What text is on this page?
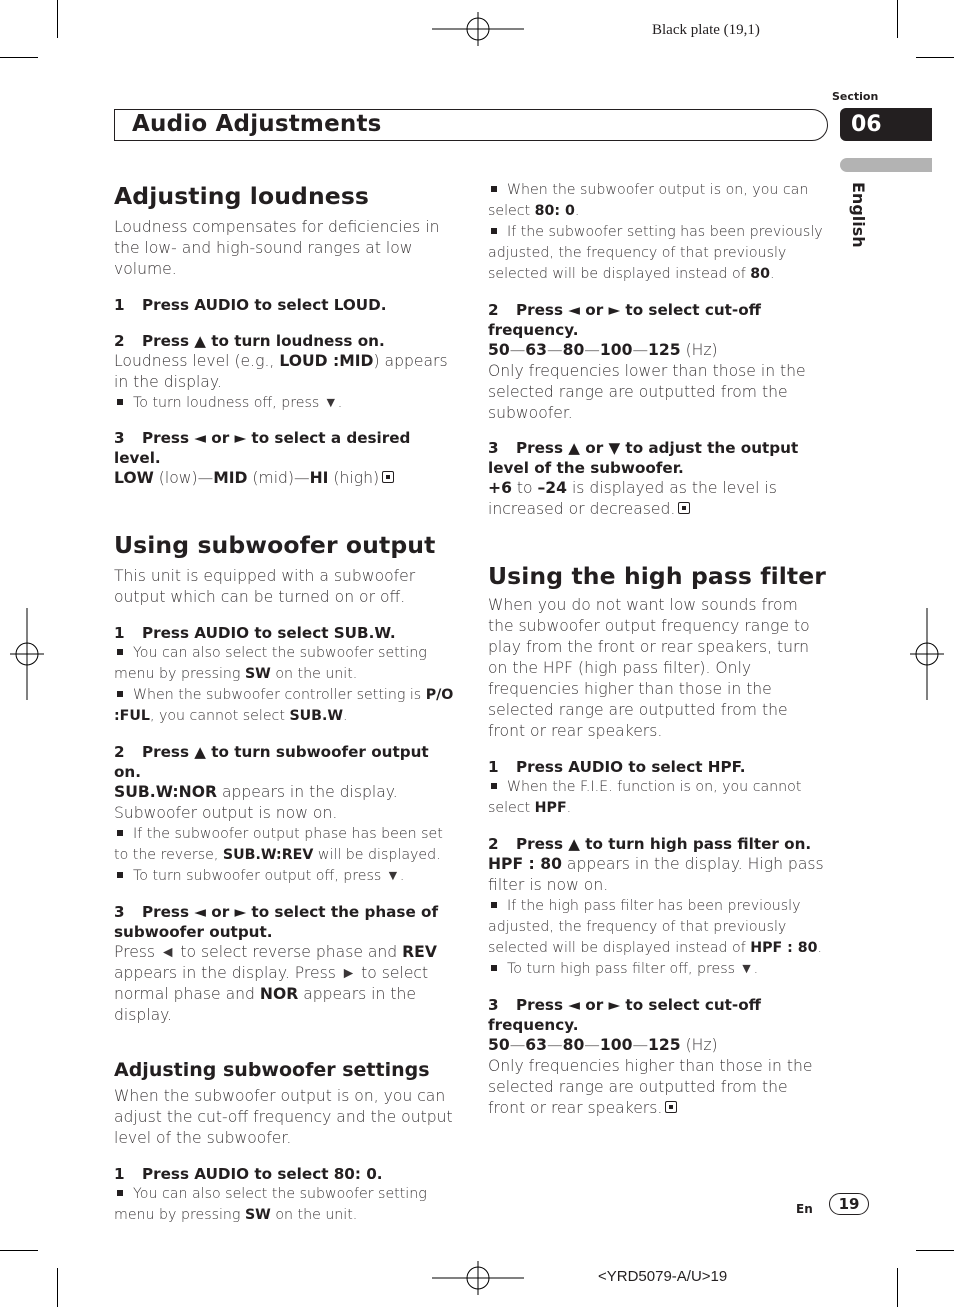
Black plate (19,1)
Audio Adjustments
Section
06
English
Adjusting loudness

Loudness compensates for deficiencies in the low- and high-sound ranges at low volume.

1 Press AUDIO to select LOUD.
2 Press ▲ to turn loudness on.

Loudness level (e.g., LOUD :MID) appears in the display.

To turn loudness off, press ▼.
3 Press ◄ or ► to select a desired level.

LOW (low)—MID (mid)—HI (high)

Using subwoofer output

This unit is equipped with a subwoofer output which can be turned on or off.

1 Press AUDIO to select SUB.W.
You can also select the subwoofer setting menu by pressing SW on the unit.
When the subwoofer controller setting is P/O :FUL, you cannot select SUB.W.
2 Press ▲ to turn subwoofer output on.

SUB.W:NOR appears in the display. Subwoofer output is now on.

If the subwoofer output phase has been set to the reverse, SUB.W:REV will be displayed.
To turn subwoofer output off, press ▼.
3 Press ◄ or ► to select the phase of subwoofer output.

Press ◄ to select reverse phase and REV appears in the display. Press ► to select normal phase and NOR appears in the display.

Adjusting subwoofer settings

When the subwoofer output is on, you can adjust the cut-off frequency and the output level of the subwoofer.

1 Press AUDIO to select 80: 0.
You can also select the subwoofer setting menu by pressing SW on the unit.
When the subwoofer output is on, you can select 80: 0.
If the subwoofer setting has been previously adjusted, the frequency of that previously selected will be displayed instead of 80.
2 Press ◄ or ► to select cut-off frequency.

50—63—80—100—125 (Hz)

Only frequencies lower than those in the selected range are outputted from the subwoofer.

3 Press ▲ or ▼ to adjust the output level of the subwoofer.

+6 to –24 is displayed as the level is increased or decreased.

Using the high pass filter

When you do not want low sounds from the subwoofer output frequency range to play from the front or rear speakers, turn on the HPF (high pass filter). Only frequencies higher than those in the selected range are outputted from the front or rear speakers.

1 Press AUDIO to select HPF.
When the F.I.E. function is on, you cannot select HPF.
2 Press ▲ to turn high pass filter on.

HPF : 80 appears in the display. High pass filter is now on.

If the high pass filter has been previously adjusted, the frequency of that previously selected will be displayed instead of HPF : 80.
To turn high pass filter off, press ▼.
3 Press ◄ or ► to select cut-off frequency.

50—63—80—100—125 (Hz)

Only frequencies higher than those in the selected range are outputted from the front or rear speakers.

En	19
<YRD5079-A/U>19
